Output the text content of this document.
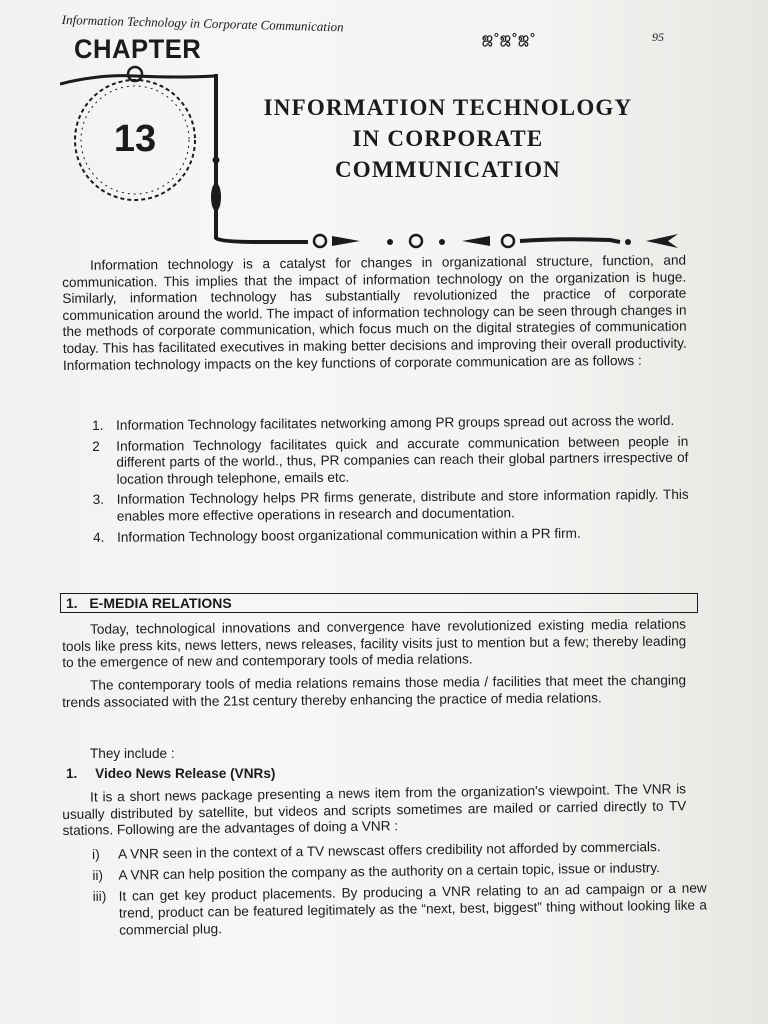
Information Technology in Corporate Communication
ஜ°ஜ°ஜ°	95
CHAPTER
13
INFORMATION TECHNOLOGY
IN CORPORATE
COMMUNICATION

Information technology is a catalyst for changes in organizational structure, function, and communication. This implies that the impact of information technology on the organization is huge. Similarly, information technology has substantially revolutionized the practice of corporate communication around the world. The impact of information technology can be seen through changes in the methods of corporate communication, which focus much on the digital strategies of communication today. This has facilitated executives in making better decisions and improving their overall productivity. Information technology impacts on the key functions of corporate communication are as follows :

1. Information Technology facilitates networking among PR groups spread out across the world.
2 Information Technology facilitates quick and accurate communication between people in different parts of the world., thus, PR companies can reach their global partners irrespective of location through telephone, emails etc.
3. Information Technology helps PR firms generate, distribute and store information rapidly. This enables more effective operations in research and documentation.
4. Information Technology boost organizational communication within a PR firm.
1.   E-MEDIA RELATIONS

Today, technological innovations and convergence have revolutionized existing media relations tools like press kits, news letters, news releases, facility visits just to mention but a few; thereby leading to the emergence of new and contemporary tools of media relations.

The contemporary tools of media relations remains those media / facilities that meet the changing trends associated with the 21st century thereby enhancing the practice of media relations.

They include :

1. Video News Release (VNRs)

It is a short news package presenting a news item from the organization's viewpoint. The VNR is usually distributed by satellite, but videos and scripts sometimes are mailed or carried directly to TV stations. Following are the advantages of doing a VNR :

i) A VNR seen in the context of a TV newscast offers credibility not afforded by commercials.
ii) A VNR can help position the company as the authority on a certain topic, issue or industry.
iii) It can get key product placements. By producing a VNR relating to an ad campaign or a new trend, product can be featured legitimately as the “next, best, biggest” thing without looking like a commercial plug.
